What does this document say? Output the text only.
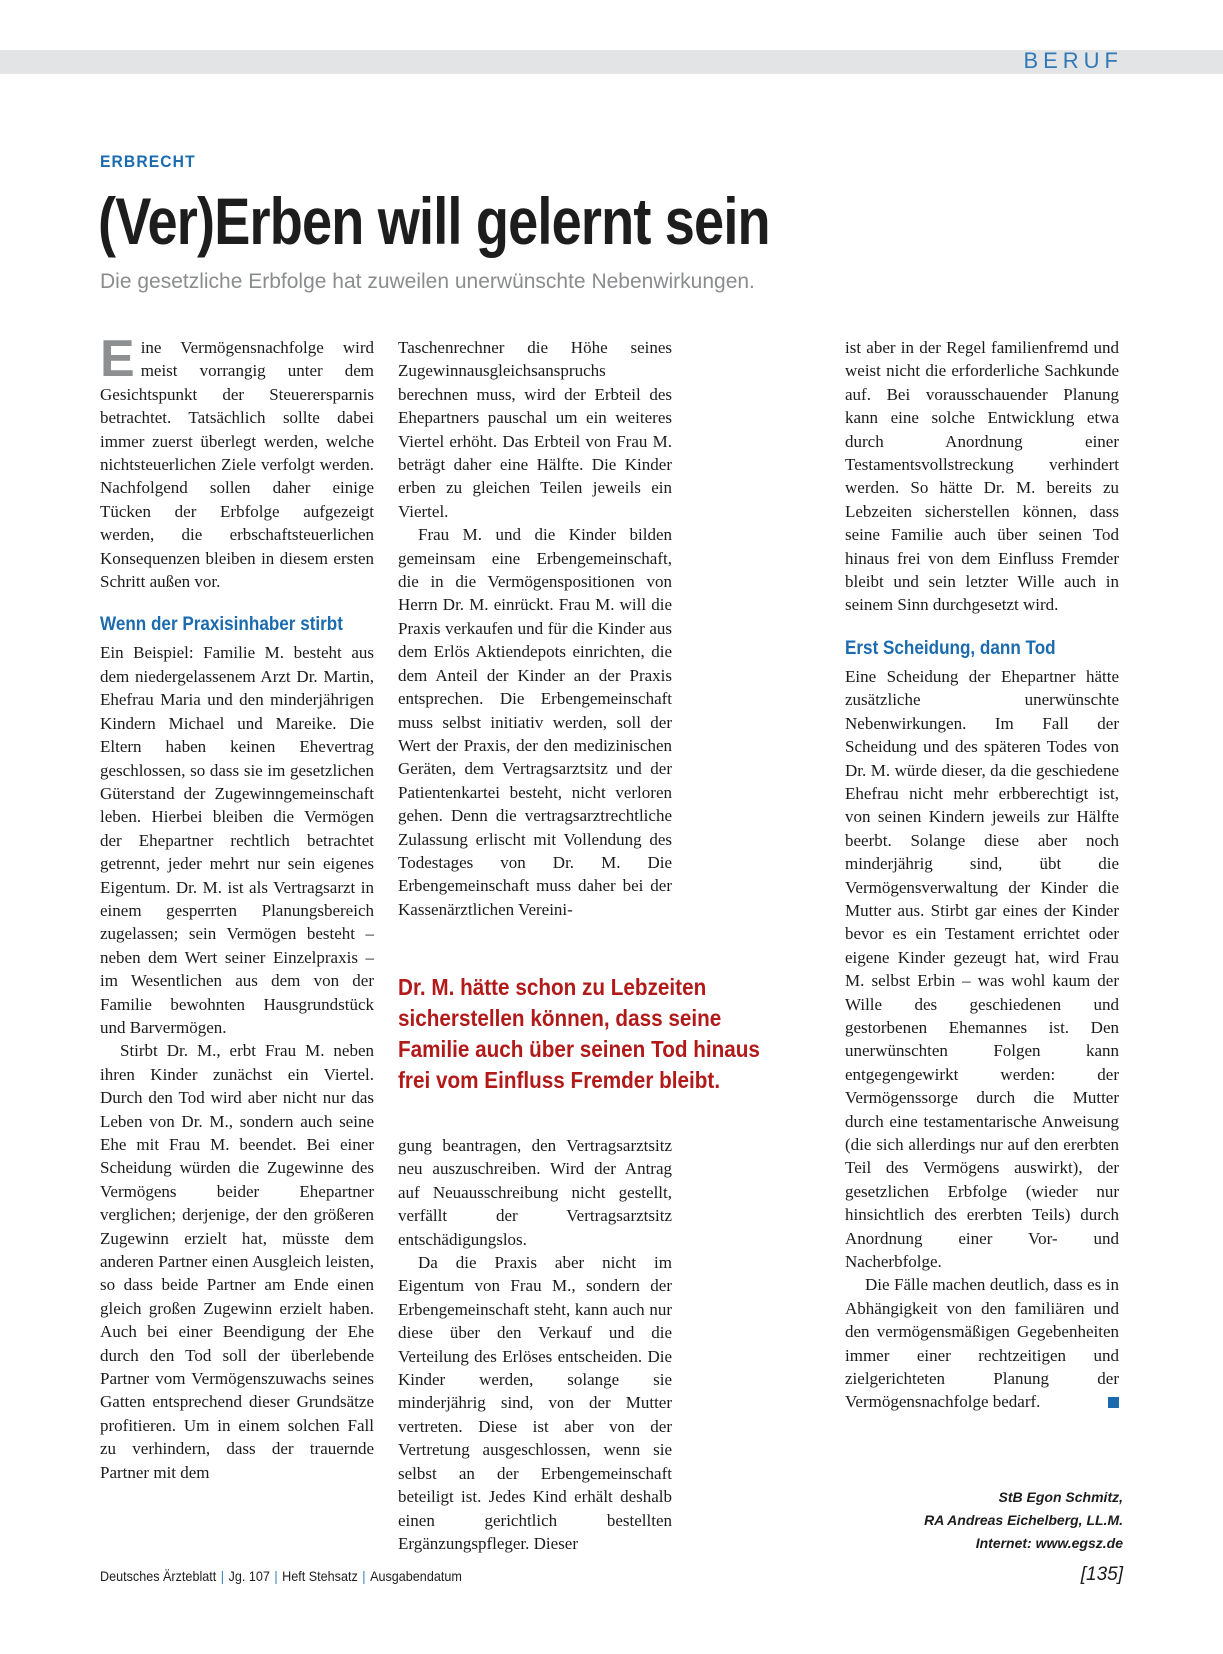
BERUF
ERBRECHT
(Ver)Erben will gelernt sein
Die gesetzliche Erbfolge hat zuweilen unerwünschte Nebenwirkungen.

Eine Vermögensnachfolge wird meist vorrangig unter dem Gesichtspunkt der Steuerersparnis betrachtet. Tatsächlich sollte dabei immer zuerst überlegt werden, welche nichtsteuerlichen Ziele verfolgt werden. Nachfolgend sollen daher einige Tücken der Erbfolge aufgezeigt werden, die erbschaftsteuerlichen Konsequenzen bleiben in diesem ersten Schritt außen vor.

Wenn der Praxisinhaber stirbt

Ein Beispiel: Familie M. besteht aus dem niedergelassenem Arzt Dr. Martin, Ehefrau Maria und den minderjährigen Kindern Michael und Mareike. Die Eltern haben keinen Ehevertrag geschlossen, so dass sie im gesetzlichen Güterstand der Zugewinngemeinschaft leben. Hierbei bleiben die Vermögen der Ehepartner rechtlich betrachtet getrennt, jeder mehrt nur sein eigenes Eigentum. Dr. M. ist als Vertragsarzt in einem gesperrten Planungsbereich zugelassen; sein Vermögen besteht – neben dem Wert seiner Einzelpraxis – im Wesentlichen aus dem von der Familie bewohnten Hausgrundstück und Barvermögen.

Stirbt Dr. M., erbt Frau M. neben ihren Kinder zunächst ein Viertel. Durch den Tod wird aber nicht nur das Leben von Dr. M., sondern auch seine Ehe mit Frau M. beendet. Bei einer Scheidung würden die Zugewinne des Vermögens beider Ehepartner verglichen; derjenige, der den größeren Zugewinn erzielt hat, müsste dem anderen Partner einen Ausgleich leisten, so dass beide Partner am Ende einen gleich großen Zugewinn erzielt haben. Auch bei einer Beendigung der Ehe durch den Tod soll der überlebende Partner vom Vermögenszuwachs seines Gatten entsprechend dieser Grundsätze profitieren. Um in einem solchen Fall zu verhindern, dass der trauernde Partner mit dem

Taschenrechner die Höhe seines Zugewinnausgleichsanspruchs berechnen muss, wird der Erbteil des Ehepartners pauschal um ein weiteres Viertel erhöht. Das Erbteil von Frau M. beträgt daher eine Hälfte. Die Kinder erben zu gleichen Teilen jeweils ein Viertel.

Frau M. und die Kinder bilden gemeinsam eine Erbengemeinschaft, die in die Vermögenspositionen von Herrn Dr. M. einrückt. Frau M. will die Praxis verkaufen und für die Kinder aus dem Erlös Aktiendepots einrichten, die dem Anteil der Kinder an der Praxis entsprechen. Die Erbengemeinschaft muss selbst initiativ werden, soll der Wert der Praxis, der den medizinischen Geräten, dem Vertragsarztsitz und der Patientenkartei besteht, nicht verloren gehen. Denn die vertragsarztrechtliche Zulassung erlischt mit Vollendung des Todestages von Dr. M. Die Erbengemeinschaft muss daher bei der Kassenärztlichen Vereini-

Dr. M. hätte schon zu Lebzeiten sicherstellen können, dass seine Familie auch über seinen Tod hinaus frei vom Einfluss Fremder bleibt.

gung beantragen, den Vertragsarztsitz neu auszuschreiben. Wird der Antrag auf Neuausschreibung nicht gestellt, verfällt der Vertragsarztsitz entschädigungslos.

Da die Praxis aber nicht im Eigentum von Frau M., sondern der Erbengemeinschaft steht, kann auch nur diese über den Verkauf und die Verteilung des Erlöses entscheiden. Die Kinder werden, solange sie minderjährig sind, von der Mutter vertreten. Diese ist aber von der Vertretung ausgeschlossen, wenn sie selbst an der Erbengemeinschaft beteiligt ist. Jedes Kind erhält deshalb einen gerichtlich bestellten Ergänzungspfleger. Dieser

ist aber in der Regel familienfremd und weist nicht die erforderliche Sachkunde auf. Bei vorausschauender Planung kann eine solche Entwicklung etwa durch Anordnung einer Testamentsvollstreckung verhindert werden. So hätte Dr. M. bereits zu Lebzeiten sicherstellen können, dass seine Familie auch über seinen Tod hinaus frei von dem Einfluss Fremder bleibt und sein letzter Wille auch in seinem Sinn durchgesetzt wird.

Erst Scheidung, dann Tod

Eine Scheidung der Ehepartner hätte zusätzliche unerwünschte Nebenwirkungen. Im Fall der Scheidung und des späteren Todes von Dr. M. würde dieser, da die geschiedene Ehefrau nicht mehr erbberechtigt ist, von seinen Kindern jeweils zur Hälfte beerbt. Solange diese aber noch minderjährig sind, übt die Vermögensverwaltung der Kinder die Mutter aus. Stirbt gar eines der Kinder bevor es ein Testament errichtet oder eigene Kinder gezeugt hat, wird Frau M. selbst Erbin – was wohl kaum der Wille des geschiedenen und gestorbenen Ehemannes ist. Den unerwünschten Folgen kann entgegengewirkt werden: der Vermögenssorge durch die Mutter durch eine testamentarische Anweisung (die sich allerdings nur auf den ererbten Teil des Vermögens auswirkt), der gesetzlichen Erbfolge (wieder nur hinsichtlich des ererbten Teils) durch Anordnung einer Vor- und Nacherbfolge.

Die Fälle machen deutlich, dass es in Abhängigkeit von den familiären und den vermögensmäßigen Gegebenheiten immer einer rechtzeitigen und zielgerichteten Planung der Vermögensnachfolge bedarf.

StB Egon Schmitz,
RA Andreas Eichelberg, LL.M.
Internet: www.egsz.de
Deutsches Ärzteblatt | Jg. 107 | Heft Stehsatz | Ausgabendatum	[135]
